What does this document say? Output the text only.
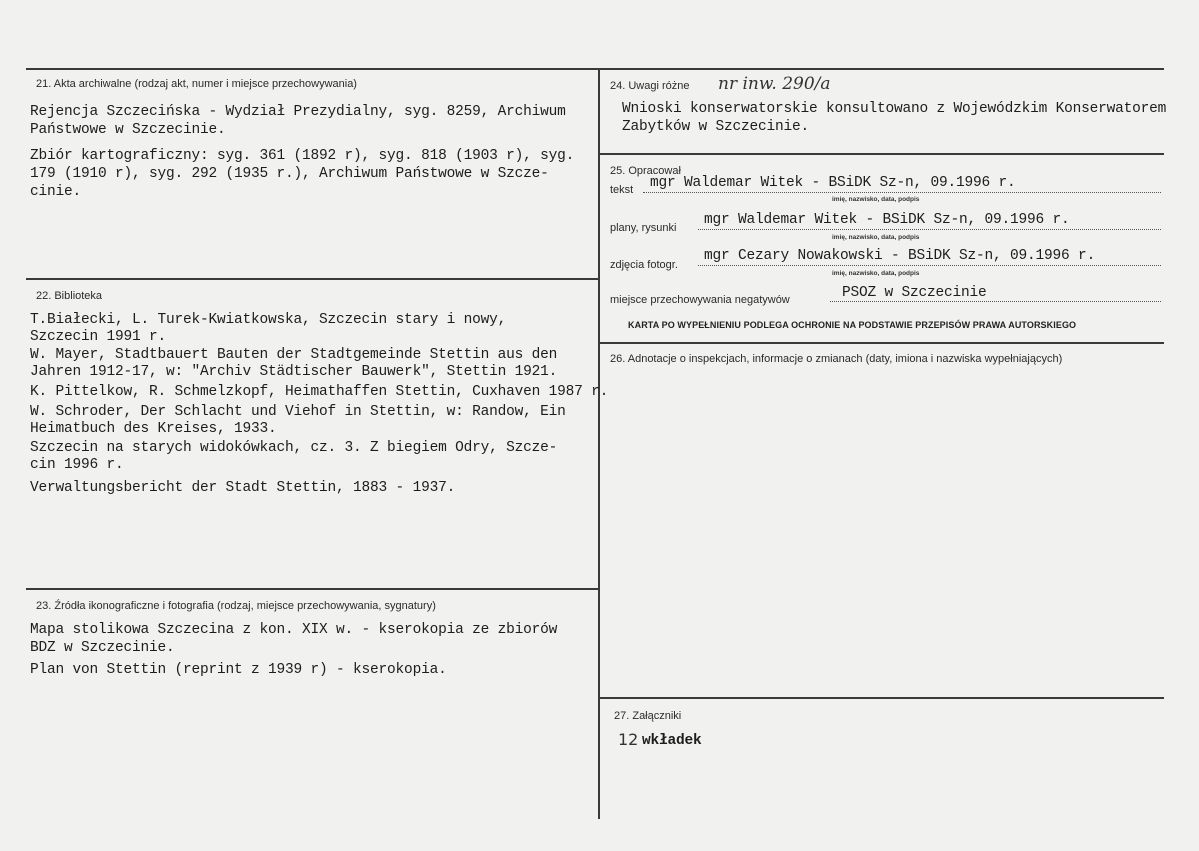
21. Akta archiwalne (rodzaj akt, numer i miejsce przechowywania)
Rejencja Szczecińska - Wydział Prezydialny, syg. 8259, Archiwum
Państwowe w Szczecinie.
Zbiór kartograficzny: syg. 361 (1892 r), syg. 818 (1903 r), syg.
179 (1910 r), syg. 292 (1935 r.), Archiwum Państwowe w Szcze-
cinie.
22. Biblioteka
T.Białecki, L. Turek-Kwiatkowska, Szczecin stary i nowy,
Szczecin 1991 r.
W. Mayer, Stadtbauert Bauten der Stadtgemeinde Stettin aus den
Jahren 1912-17, w: "Archiv Städtischer Bauwerk", Stettin 1921.
K. Pittelkow, R. Schmelzkopf, Heimathaffen Stettin, Cuxhaven 1987 r.
W. Schroder, Der Schlacht und Viehof in Stettin, w: Randow, Ein
Heimatbuch des Kreises, 1933.
Szczecin na starych widokówkach, cz. 3. Z biegiem Odry, Szcze-
cin 1996 r.
Verwaltungsbericht der Stadt Stettin, 1883 - 1937.
23. Źródła ikonograficzne i fotografia (rodzaj, miejsce przechowywania, sygnatury)
Mapa stolikowa Szczecina z kon. XIX w. - kserokopia ze zbiorów
BDZ w Szczecinie.
Plan von Stettin (reprint z 1939 r) - kserokopia.
24. Uwagi różne nr inw. 290/a
Wnioski konserwatorskie konsultowano z Wojewódzkim Konserwatorem
Zabytków w Szczecinie.
25. Opracował
tekst mgr Waldemar Witek - BSiDK Sz-n, 09.1996 r.
imię, nazwisko, data, podpis
plany, rysunki mgr Waldemar Witek - BSiDK Sz-n, 09.1996 r.
imię, nazwisko, data, podpis
zdjęcia fotogr.
mgr Cezary Nowakowski - BSiDK Sz-n, 09.1996 r.
imię, nazwisko, data, podpis
miejsce przechowywania negatywów	PSOZ w Szczecinie
KARTA PO WYPEŁNIENIU PODLEGA OCHRONIE NA PODSTAWIE PRZEPISÓW PRAWA AUTORSKIEGO
26. Adnotacje o inspekcjach, informacje o zmianach (daty, imiona i nazwiska wypełniających)
27. Załączniki
12 wkładek
